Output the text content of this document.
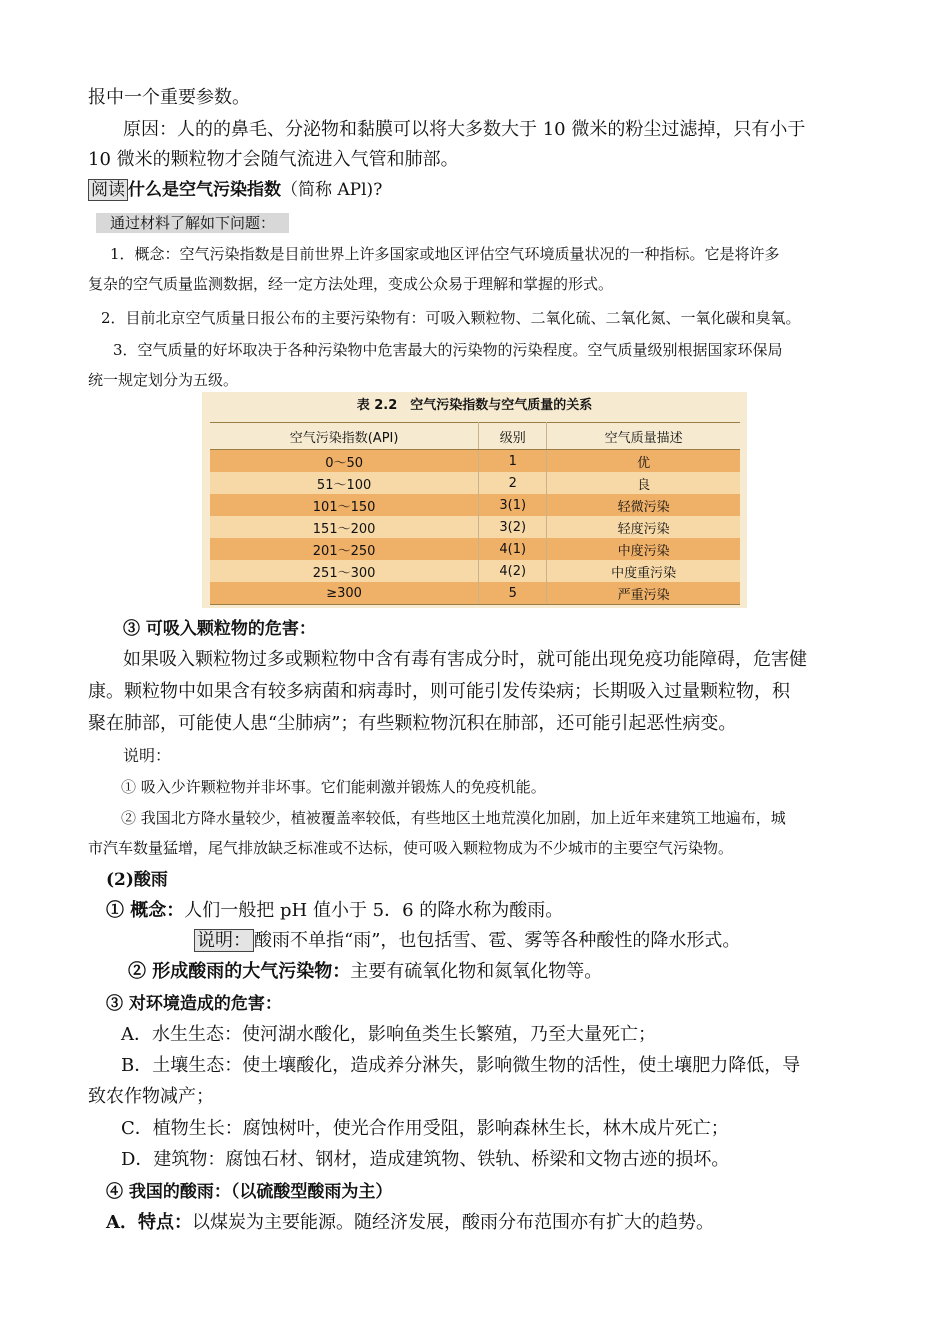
报中一个重要参数。
原因：人的的鼻毛、分泌物和黏膜可以将大多数大于 10 微米的粉尘过滤掉，只有小于
10 微米的颗粒物才会随气流进入气管和肺部。
阅读 什么是空气污染指数（简称 APl)?
通过材料了解如下问题：
1．概念：空气污染指数是目前世界上许多国家或地区评估空气环境质量状况的一种指标。它是将许多
复杂的空气质量监测数据，经一定方法处理，变成公众易于理解和掌握的形式。
2．目前北京空气质量日报公布的主要污染物有：可吸入颗粒物、二氧化硫、二氧化氮、一氧化碳和臭氧。
3．空气质量的好坏取决于各种污染物中危害最大的污染物的污染程度。空气质量级别根据国家环保局
统一规定划分为五级。
表 2.2　空气污染指数与空气质量的关系
空气污染指数(API)	级别	空气质量描述
0～50	1	优
51～100	2	良
101～150	3(1)	轻微污染
151～200	3(2)	轻度污染
201～250	4(1)	中度污染
251～300	4(2)	中度重污染
≥300	5	严重污染
③ 可吸入颗粒物的危害：
如果吸入颗粒物过多或颗粒物中含有毒有害成分时，就可能出现免疫功能障碍，危害健
康。颗粒物中如果含有较多病菌和病毒时，则可能引发传染病；长期吸入过量颗粒物，积
聚在肺部，可能使人患“尘肺病”；有些颗粒物沉积在肺部，还可能引起恶性病变。
说明：
① 吸入少许颗粒物并非坏事。它们能刺激并锻炼人的免疫机能。
② 我国北方降水量较少，植被覆盖率较低，有些地区土地荒漠化加剧，加上近年来建筑工地遍布，城
市汽车数量猛增，尾气排放缺乏标准或不达标，使可吸入颗粒物成为不少城市的主要空气污染物。
(2)酸雨
① 概念：人们一般把 pH 值小于 5．6 的降水称为酸雨。
说明： 酸雨不单指“雨”，也包括雪、雹、雾等各种酸性的降水形式。
② 形成酸雨的大气污染物：主要有硫氧化物和氮氧化物等。
③ 对环境造成的危害：
A．水生生态：使河湖水酸化，影响鱼类生长繁殖，乃至大量死亡；
B．土壤生态：使土壤酸化，造成养分淋失，影响微生物的活性，使土壤肥力降低，导
致农作物减产；
C．植物生长：腐蚀树叶，使光合作用受阻，影响森林生长，林木成片死亡；
D．建筑物：腐蚀石材、钢材，造成建筑物、铁轨、桥梁和文物古迹的损坏。
④ 我国的酸雨：（以硫酸型酸雨为主）
A．特点：以煤炭为主要能源。随经济发展，酸雨分布范围亦有扩大的趋势。
